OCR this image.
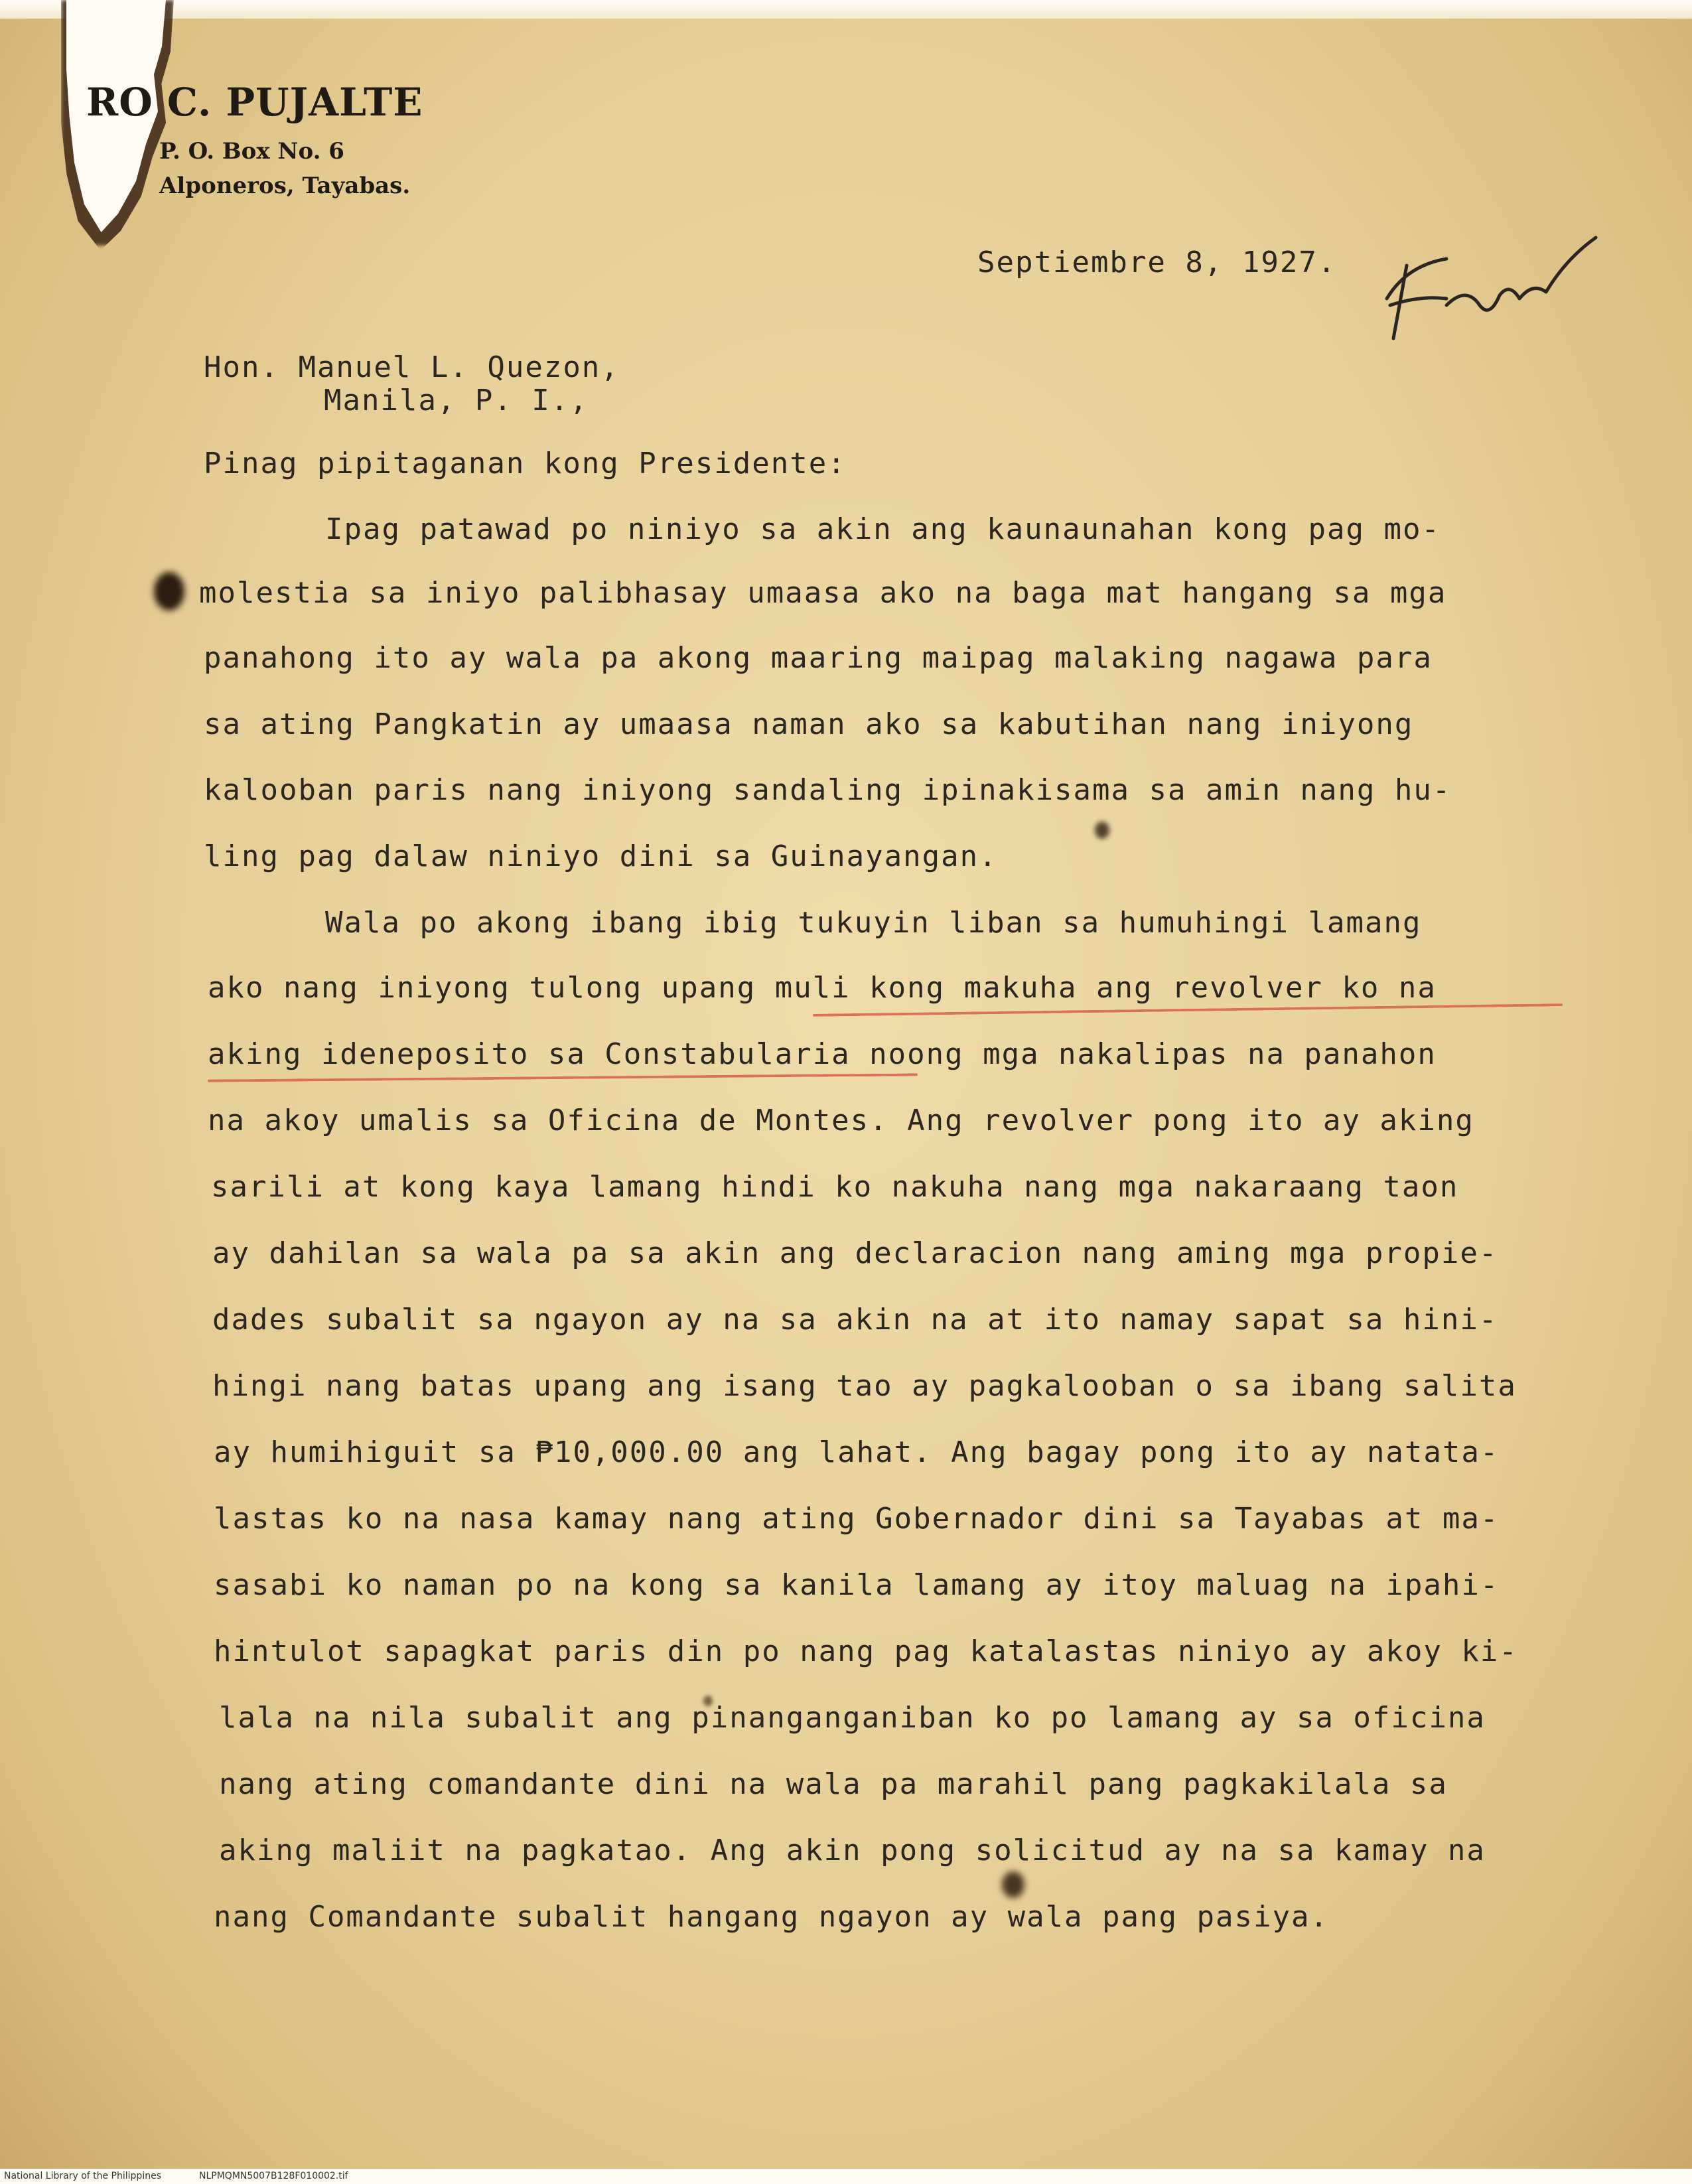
RO C. PUJALTE
P. O. Box No. 6
Alponeros, Tayabas.
Septiembre 8, 1927.
Hon. Manuel L. Quezon,
Manila, P. I.,
Pinag pipitaganan kong Presidente:
Ipag patawad po niniyo sa akin ang kaunaunahan kong pag mo-
molestia sa iniyo palibhasay umaasa ako na baga mat hangang sa mga
panahong ito ay wala pa akong maaring maipag malaking nagawa para
sa ating Pangkatin ay umaasa naman ako sa kabutihan nang iniyong
kalooban paris nang iniyong sandaling ipinakisama sa amin nang hu-
ling pag dalaw niniyo dini sa Guinayangan.
Wala po akong ibang ibig tukuyin liban sa humuhingi lamang
ako nang iniyong tulong upang muli kong makuha ang revolver ko na
aking ideneposito sa Constabularia noong mga nakalipas na panahon
na akoy umalis sa Oficina de Montes. Ang revolver pong ito ay aking
sarili at kong kaya lamang hindi ko nakuha nang mga nakaraang taon
ay dahilan sa wala pa sa akin ang declaracion nang aming mga propie-
dades subalit sa ngayon ay na sa akin na at ito namay sapat sa hini-
hingi nang batas upang ang isang tao ay pagkalooban o sa ibang salita
ay humihiguit sa ₱10,000.00 ang lahat. Ang bagay pong ito ay natata-
lastas ko na nasa kamay nang ating Gobernador dini sa Tayabas at ma-
sasabi ko naman po na kong sa kanila lamang ay itoy maluag na ipahi-
hintulot sapagkat paris din po nang pag katalastas niniyo ay akoy ki-
lala na nila subalit ang pinanganganiban ko po lamang ay sa oficina
nang ating comandante dini na wala pa marahil pang pagkakilala sa
aking maliit na pagkatao. Ang akin pong solicitud ay na sa kamay na
nang Comandante subalit hangang ngayon ay wala pang pasiya.
National Library of the Philippines	NLPMQMN5007B128F010002.tif
